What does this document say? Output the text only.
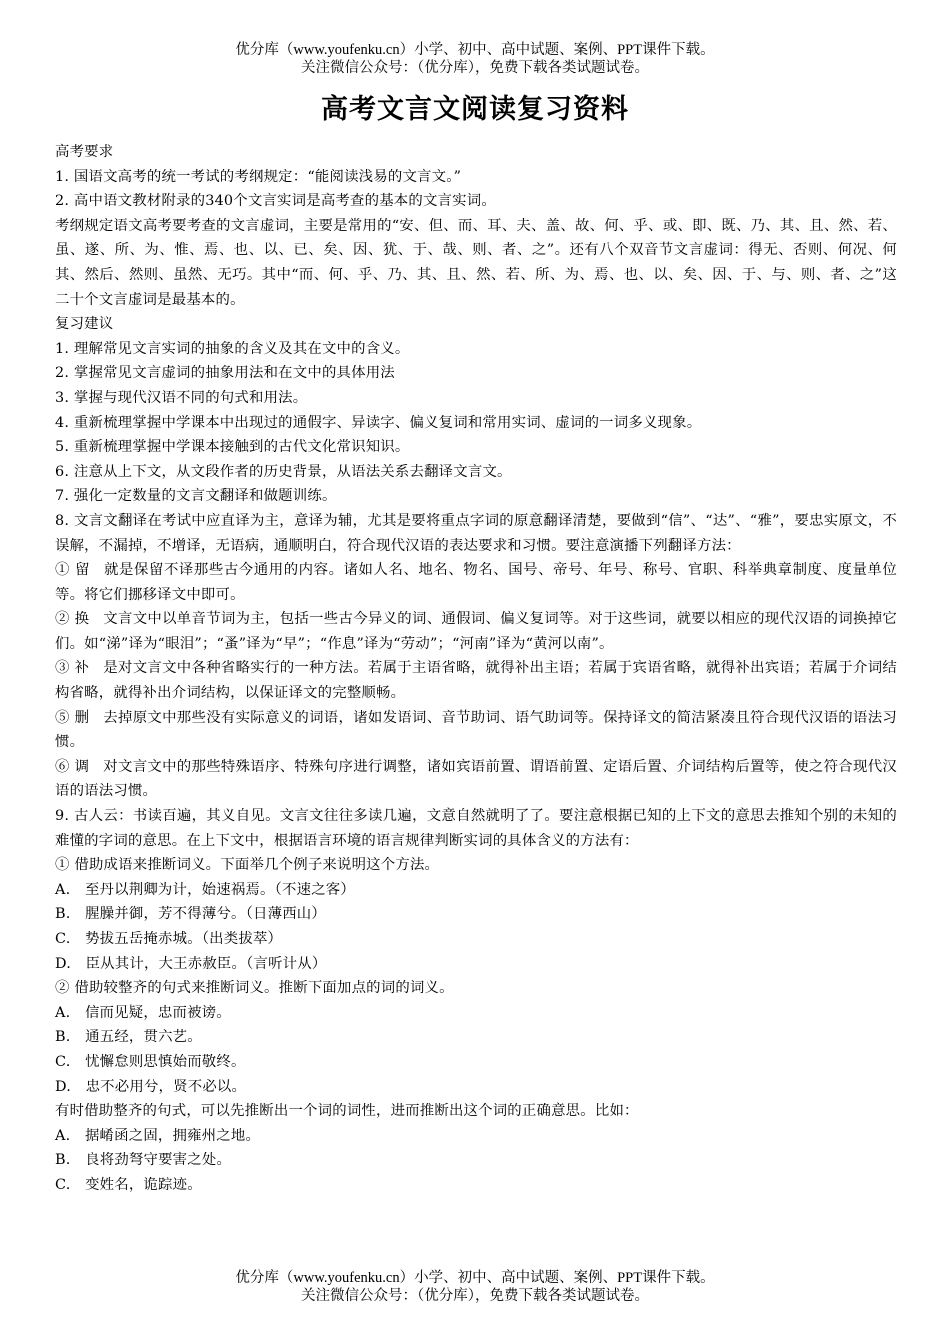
优分库（www.youfenku.cn）小学、初中、高中试题、案例、PPT课件下载。
关注微信公众号：（优分库），免费下载各类试题试卷。
高考文言文阅读复习资料

高考要求

1. 国语文高考的统一考试的考纲规定：“能阅读浅易的文言文。”

2. 高中语文教材附录的340个文言实词是高考查的基本的文言实词。

考纲规定语文高考要考查的文言虚词，主要是常用的“安、但、而、耳、夫、盖、故、何、乎、或、即、既、乃、其、且、然、若、虽、遂、所、为、惟、焉、也、以、已、矣、因、犹、于、哉、则、者、之”。还有八个双音节文言虚词：得无、否则、何况、何其、然后、然则、虽然、无巧。其中“而、何、乎、乃、其、且、然、若、所、为、焉、也、以、矣、因、于、与、则、者、之”这二十个文言虚词是最基本的。

复习建议

1. 理解常见文言实词的抽象的含义及其在文中的含义。

2. 掌握常见文言虚词的抽象用法和在文中的具体用法

3. 掌握与现代汉语不同的句式和用法。

4. 重新梳理掌握中学课本中出现过的通假字、异读字、偏义复词和常用实词、虚词的一词多义现象。

5. 重新梳理掌握中学课本接触到的古代文化常识知识。

6. 注意从上下文，从文段作者的历史背景，从语法关系去翻译文言文。

7. 强化一定数量的文言文翻译和做题训练。

8. 文言文翻译在考试中应直译为主，意译为辅，尤其是要将重点字词的原意翻译清楚，要做到“信”、“达”、“雅”，要忠实原文，不误解，不漏掉，不增译，无语病，通顺明白，符合现代汉语的表达要求和习惯。要注意演播下列翻译方法：

① 留 就是保留不译那些古今通用的内容。诸如人名、地名、物名、国号、帝号、年号、称号、官职、科举典章制度、度量单位等。将它们挪移译文中即可。

② 换 文言文中以单音节词为主，包括一些古今异义的词、通假词、偏义复词等。对于这些词，就要以相应的现代汉语的词换掉它们。如“涕”译为“眼泪”；“蚤”译为“早”；“作息”译为“劳动”；“河南”译为“黄河以南”。

③ 补 是对文言文中各种省略实行的一种方法。若属于主语省略，就得补出主语；若属于宾语省略，就得补出宾语；若属于介词结构省略，就得补出介词结构，以保证译文的完整顺畅。

⑤ 删 去掉原文中那些没有实际意义的词语，诸如发语词、音节助词、语气助词等。保持译文的简洁紧凑且符合现代汉语的语法习惯。

⑥ 调 对文言文中的那些特殊语序、特殊句序进行调整，诸如宾语前置、谓语前置、定语后置、介词结构后置等，使之符合现代汉语的语法习惯。

9. 古人云：书读百遍，其义自见。文言文往往多读几遍，文意自然就明了了。要注意根据已知的上下文的意思去推知个别的未知的难懂的字词的意思。在上下文中，根据语言环境的语言规律判断实词的具体含义的方法有：

① 借助成语来推断词义。下面举几个例子来说明这个方法。

A.　至丹以荆卿为计，始速祸焉。（不速之客）

B.　腥臊并御，芳不得薄兮。（日薄西山）

C.　势拔五岳掩赤城。（出类拔萃）

D.　臣从其计，大王赤赦臣。（言听计从）

② 借助较整齐的句式来推断词义。推断下面加点的词的词义。

A.　信而见疑，忠而被谤。

B.　通五经，贯六艺。

C.　忧懈怠则思慎始而敬终。

D.　忠不必用兮，贤不必以。

有时借助整齐的句式，可以先推断出一个词的词性，进而推断出这个词的正确意思。比如：

A.　据崤函之固，拥雍州之地。

B.　良将劲弩守要害之处。

C.　变姓名，诡踪迹。

优分库（www.youfenku.cn）小学、初中、高中试题、案例、PPT课件下载。
关注微信公众号：（优分库），免费下载各类试题试卷。
